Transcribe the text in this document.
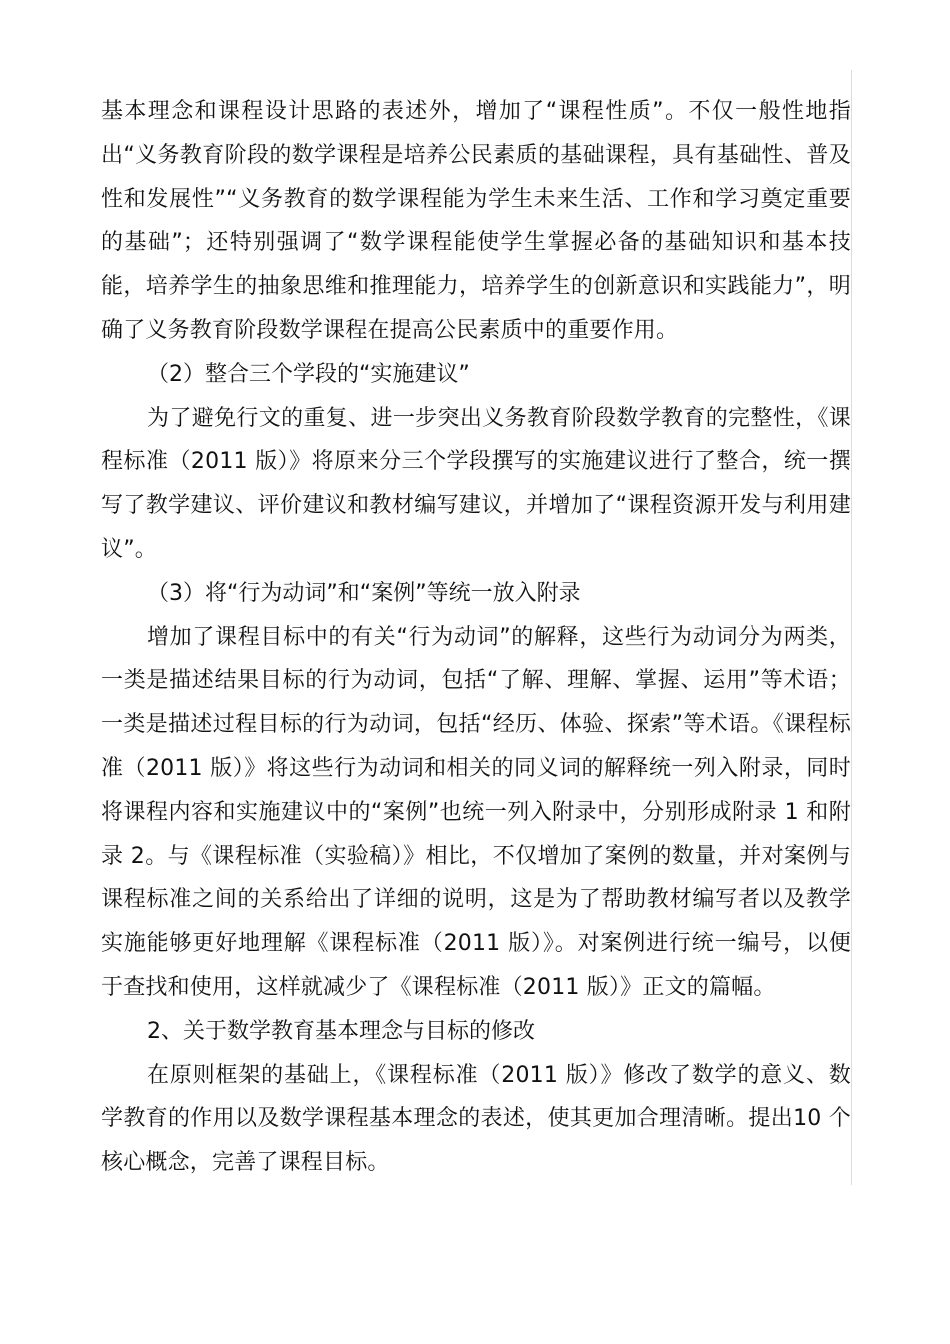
基本理念和课程设计思路的表述外，增加了“课程性质”。不仅一般性地指出“义务教育阶段的数学课程是培养公民素质的基础课程，具有基础性、普及性和发展性”“义务教育的数学课程能为学生未来生活、工作和学习奠定重要的基础”；还特别强调了“数学课程能使学生掌握必备的基础知识和基本技能，培养学生的抽象思维和推理能力，培养学生的创新意识和实践能力”，明确了义务教育阶段数学课程在提高公民素质中的重要作用。

（2）整合三个学段的“实施建议”

为了避免行文的重复、进一步突出义务教育阶段数学教育的完整性，《课程标准（2011 版）》将原来分三个学段撰写的实施建议进行了整合，统一撰写了教学建议、评价建议和教材编写建议，并增加了“课程资源开发与利用建议”。

（3）将“行为动词”和“案例”等统一放入附录

增加了课程目标中的有关“行为动词”的解释，这些行为动词分为两类，一类是描述结果目标的行为动词，包括“了解、理解、掌握、运用”等术语；一类是描述过程目标的行为动词，包括“经历、体验、探索”等术语。《课程标准（2011 版）》将这些行为动词和相关的同义词的解释统一列入附录，同时将课程内容和实施建议中的“案例”也统一列入附录中，分别形成附录 1 和附录 2。与《课程标准（实验稿）》相比，不仅增加了案例的数量，并对案例与课程标准之间的关系给出了详细的说明，这是为了帮助教材编写者以及教学实施能够更好地理解《课程标准（2011 版）》。对案例进行统一编号，以便于查找和使用，这样就减少了《课程标准（2011 版）》正文的篇幅。

2、关于数学教育基本理念与目标的修改

在原则框架的基础上，《课程标准（2011 版）》修改了数学的意义、数学教育的作用以及数学课程基本理念的表述，使其更加合理清晰。提出10 个核心概念，完善了课程目标。
